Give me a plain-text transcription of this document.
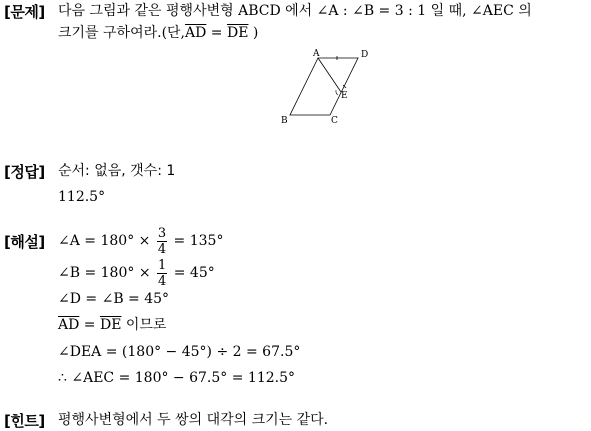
[문제] 다음 그림과 같은 평행사변형 ABCD 에서 ∠A : ∠B = 3 : 1 일 때, ∠AEC 의
크기를 구하여라.(단$,\overline{AD} = \overline{DE}$ )
A	D
E
B	C
[정답] 순서: 없음, 갯수: 1
112.5°
[해설] ∠A = $180^\circ \times \frac{3}{4} = 135^\circ$
∠B = $180^\circ \times \frac{1}{4} = 45^\circ$
∠D = ∠B = 45°
$\overline{AD} = \overline{DE}$ 이므로
∠DEA = (180° − 45°) ÷ 2 = 67.5°
∴ ∠AEC = 180° − 67.5° = 112.5°
[힌트] 평행사변형에서 두 쌍의 대각의 크기는 같다.
